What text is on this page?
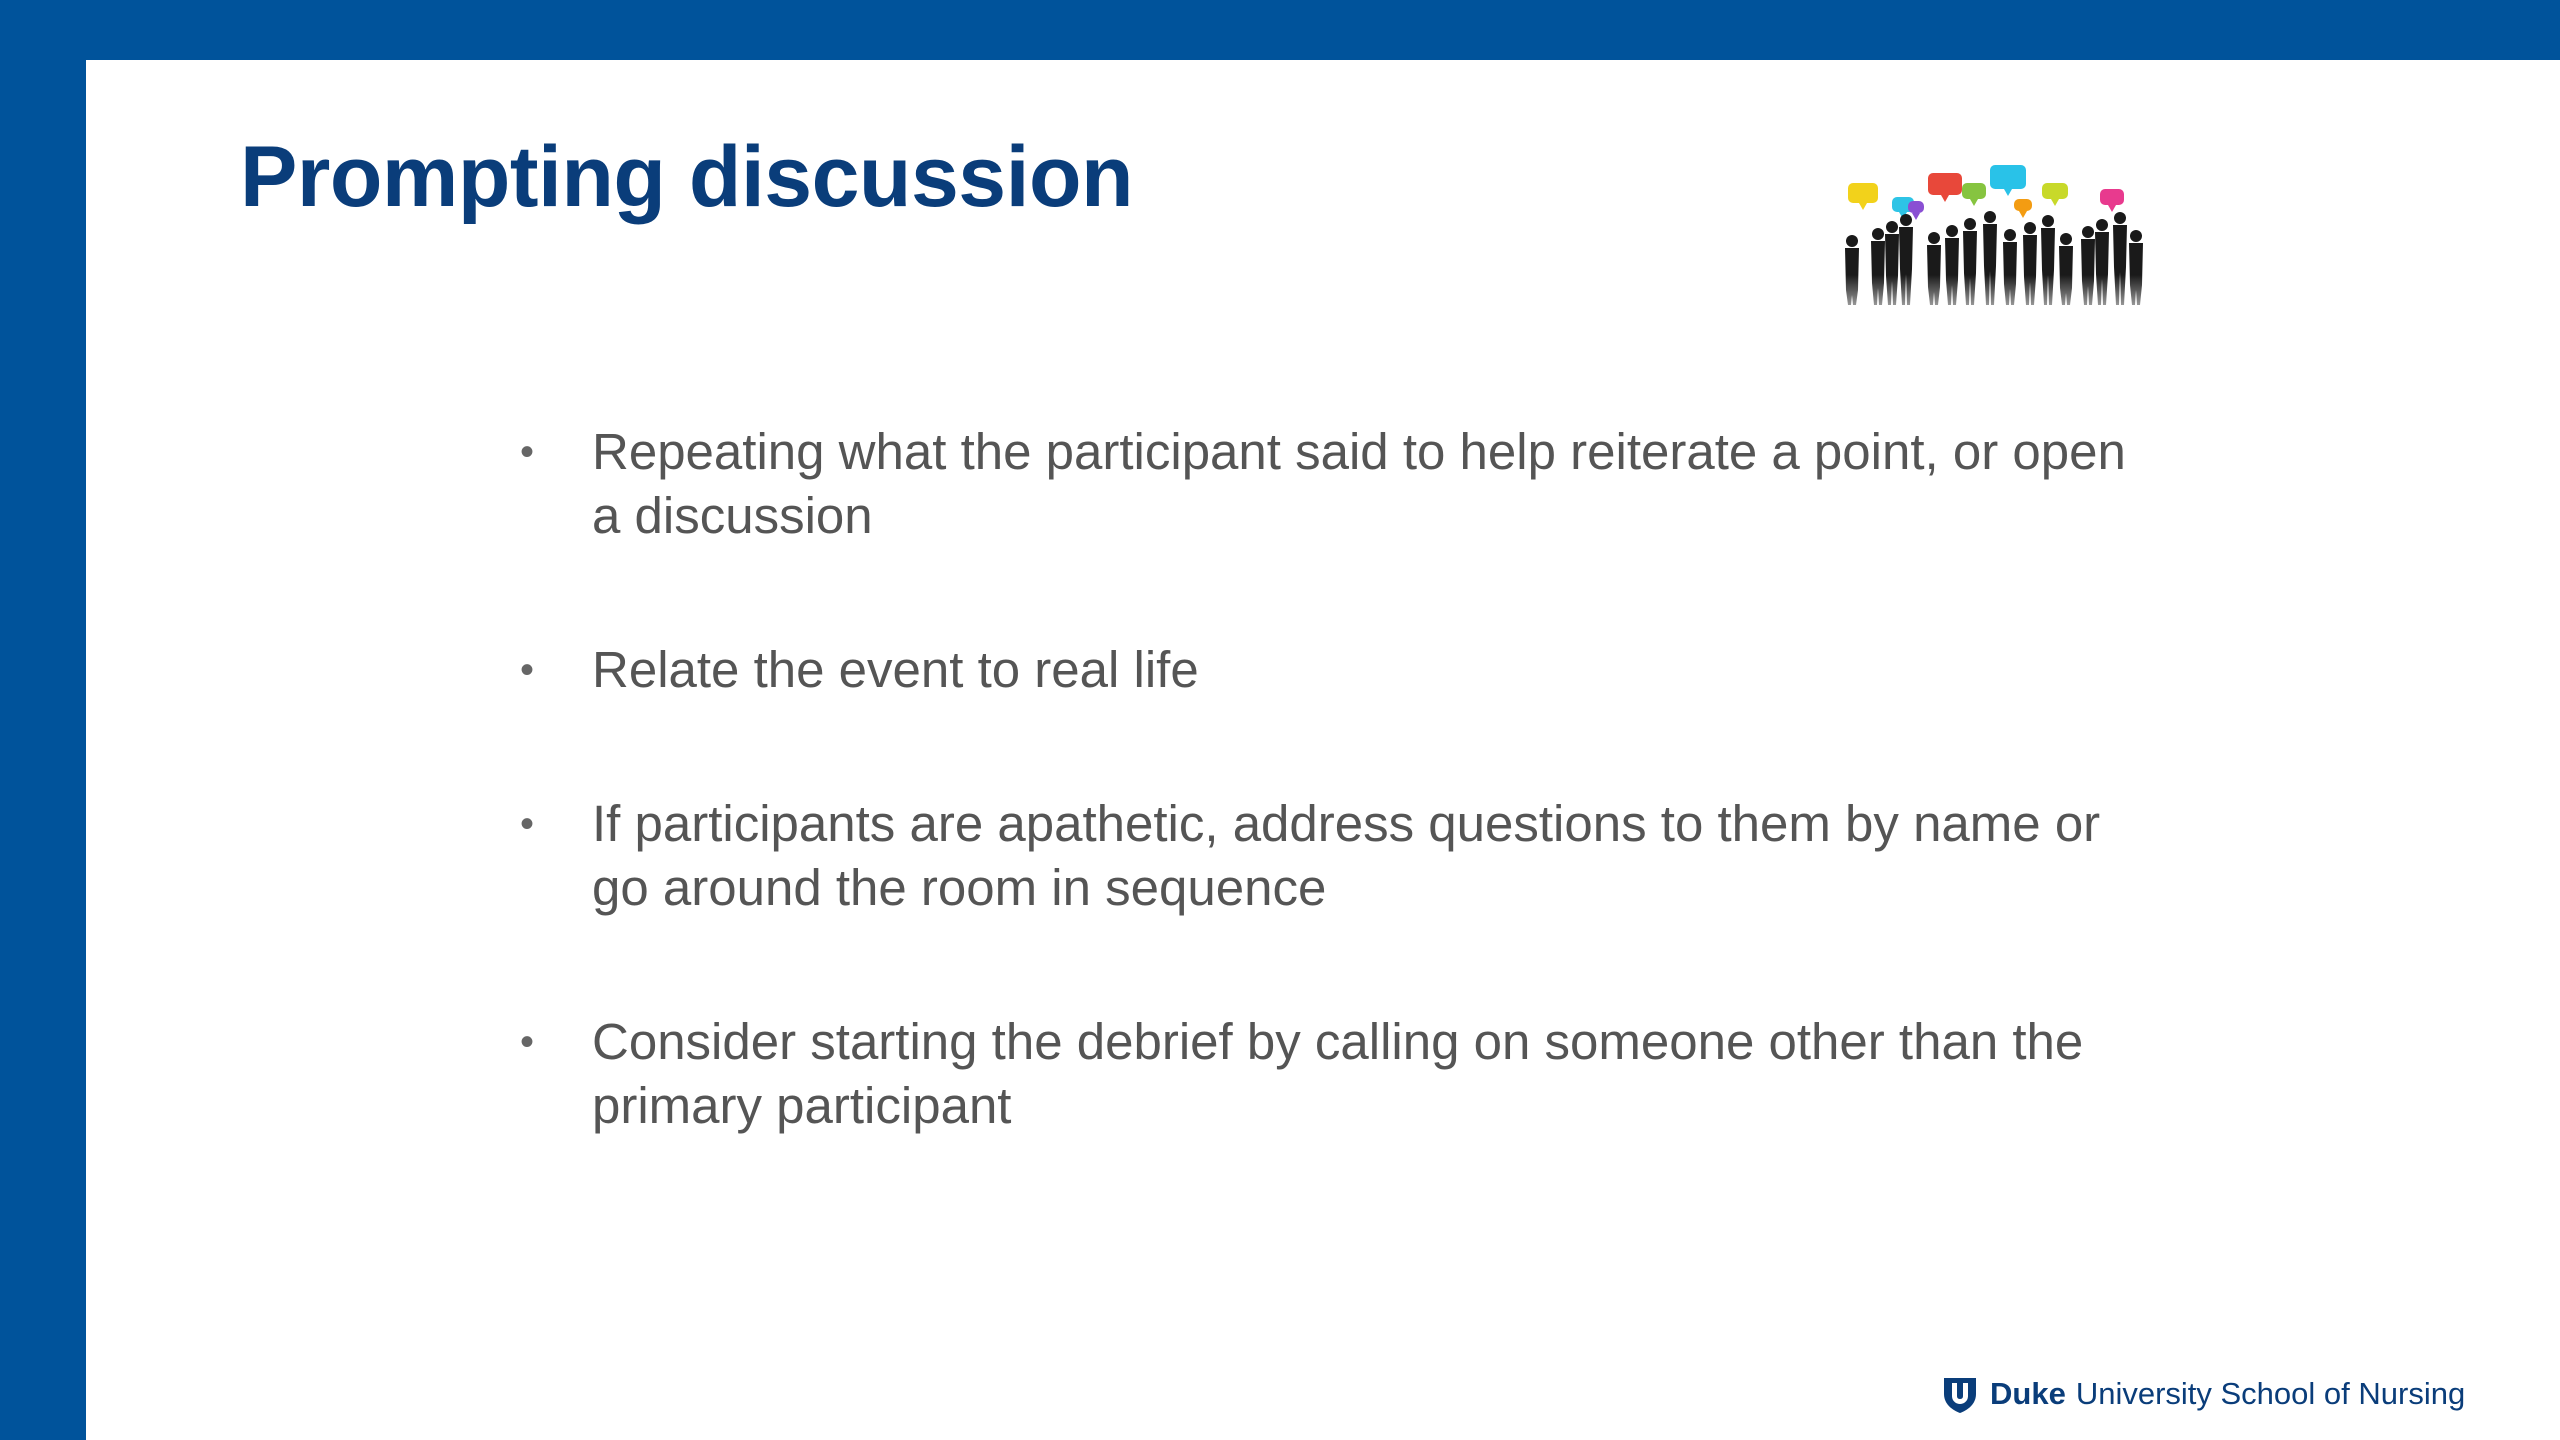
Prompting discussion
•	Repeating what the participant said to help reiterate a point, or open a discussion
•	Relate the event to real life
•	If participants are apathetic, address questions to them by name or go around the room in sequence
•	Consider starting the debrief by calling on someone other than the primary participant
Duke University School of Nursing
